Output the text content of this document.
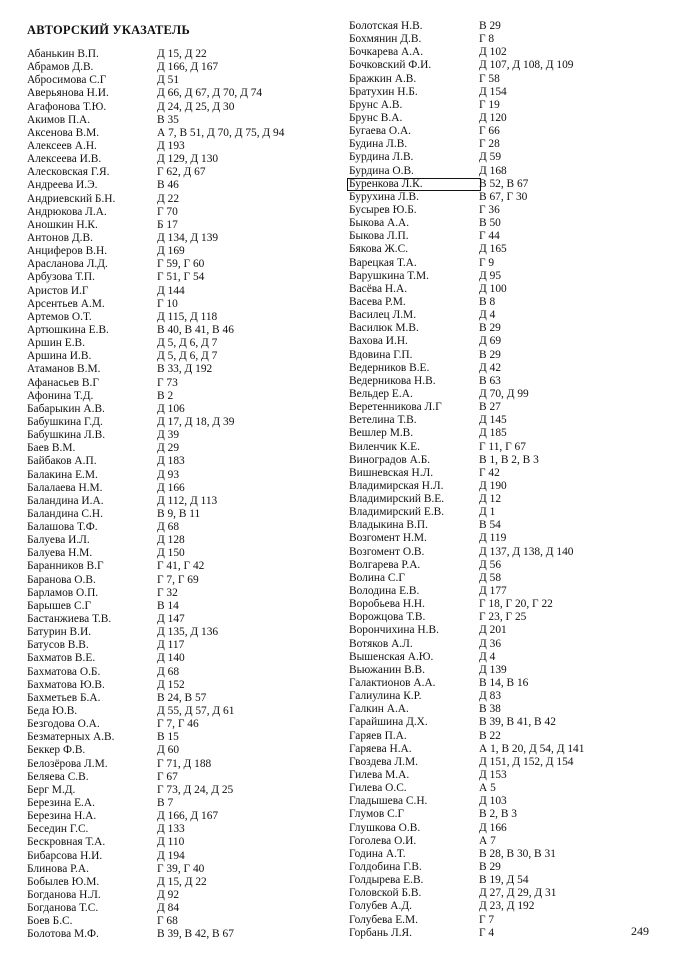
АВТОРСКИЙ УКАЗАТЕЛЬ
Абанькин В.П.	Д 15, Д 22
Абрамов Д.В.	Д 166, Д 167
Абросимова С.Г	Д 51
Аверьянова Н.И.	Д 66, Д 67, Д 70, Д 74
Агафонова Т.Ю.	Д 24, Д 25, Д 30
Акимов П.А.	В 35
Аксенова В.М.	А 7, В 51, Д 70, Д 75, Д 94
Алексеев А.Н.	Д 193
Алексеева И.В.	Д 129, Д 130
Алесковская Г.Я.	Г 62, Д 67
Андреева И.Э.	В 46
Андриевский Б.Н.	Д 22
Андрюкова Л.А.	Г 70
Аношкин Н.К.	Б 17
Антонов Д.В.	Д 134, Д 139
Анциферов В.Н.	Д 169
Арасланова Л.Д.	Г 59, Г 60
Арбузова Т.П.	Г 51, Г 54
Аристов И.Г	Д 144
Арсентьев А.М.	Г 10
Артемов О.Т.	Д 115, Д 118
Артюшкина Е.В.	В 40, В 41, В 46
Аршин Е.В.	Д 5, Д 6, Д 7
Аршина И.В.	Д 5, Д 6, Д 7
Атаманов В.М.	В 33, Д 192
Афанасьев В.Г	Г 73
Афонина Т.Д.	В 2
Бабарыкин А.В.	Д 106
Бабушкина Г.Д.	Д 17, Д 18, Д 39
Бабушкина Л.В.	Д 39
Баев В.М.	Д 29
Байбаков А.П.	Д 183
Балакина Е.М.	Д 93
Балалаева Н.М.	Д 166
Баландина И.А.	Д 112, Д 113
Баландина С.Н.	В 9, В 11
Балашова Т.Ф.	Д 68
Балуева И.Л.	Д 128
Балуева Н.М.	Д 150
Баранников В.Г	Г 41, Г 42
Баранова О.В.	Г 7, Г 69
Барламов О.П.	Г 32
Барышев С.Г	В 14
Бастанжиева Т.В.	Д 147
Батурин В.И.	Д 135, Д 136
Батусов В.В.	Д 117
Бахматов В.Е.	Д 140
Бахматова О.Б.	Д 68
Бахматова Ю.В.	Д 152
Бахметьев Б.А.	В 24, В 57
Беда Ю.В.	Д 55, Д 57, Д 61
Безгодова О.А.	Г 7, Г 46
Безматерных А.В.	В 15
Беккер Ф.В.	Д 60
Белозёрова Л.М.	Г 71, Д 188
Беляева С.В.	Г 67
Берг М.Д.	Г 73, Д 24, Д 25
Березина Е.А.	В 7
Березина Н.А.	Д 166, Д 167
Беседин Г.С.	Д 133
Бескровная Т.А.	Д 110
Бибарсова Н.И.	Д 194
Блинова Р.А.	Г 39, Г 40
Бобылев Ю.М.	Д 15, Д 22
Богданова Н.Л.	Д 92
Богданова Т.С.	Д 84
Боев Б.С.	Г 68
Болотова М.Ф.	В 39, В 42, В 67
Болотская Н.В.	В 29
Бохмянин Д.В.	Г 8
Бочкарева А.А.	Д 102
Бочковский Ф.И.	Д 107, Д 108, Д 109
Бражкин А.В.	Г 58
Братухин Н.Б.	Д 154
Брунс А.В.	Г 19
Брунс В.А.	Д 120
Бугаева О.А.	Г 66
Будина Л.В.	Г 28
Бурдина Л.В.	Д 59
Бурдина О.В.	Д 168
Буренкова Л.К.	В 52, В 67
Бурухина Л.В.	В 67, Г 30
Бусырев Ю.Б.	Г 36
Быкова А.А.	В 50
Быкова Л.П.	Г 44
Бякова Ж.С.	Д 165
Варецкая Т.А.	Г 9
Варушкина Т.М.	Д 95
Васёва Н.А.	Д 100
Васева Р.М.	В 8
Василец Л.М.	Д 4
Василюк М.В.	В 29
Вахова И.Н.	Д 69
Вдовина Г.П.	В 29
Ведерников В.Е.	Д 42
Ведерникова Н.В.	В 63
Вельдер Е.А.	Д 70, Д 99
Веретенникова Л.Г	В 27
Ветелина Т.В.	Д 145
Вешлер М.В.	Д 185
Виленчик К.Е.	Г 11, Г 67
Виноградов А.Б.	В 1, В 2, В 3
Вишневская Н.Л.	Г 42
Владимирская Н.Л.	Д 190
Владимирский В.Е.	Д 12
Владимирский Е.В.	Д 1
Владыкина В.П.	В 54
Возгомент Н.М.	Д 119
Возгомент О.В.	Д 137, Д 138, Д 140
Волгарева Р.А.	Д 56
Волина С.Г	Д 58
Володина Е.В.	Д 177
Воробьева Н.Н.	Г 18, Г 20, Г 22
Ворожцова Т.В.	Г 23, Г 25
Ворончихина Н.В.	Д 201
Вотяков А.Л.	Д 36
Вышенская А.Ю.	Д 4
Вьюжанин В.В.	Д 139
Галактионов А.А.	В 14, В 16
Галиулина К.Р.	Д 83
Галкин А.А.	В 38
Гарайшина Д.Х.	В 39, В 41, В 42
Гаряев П.А.	В 22
Гаряева Н.А.	А 1, В 20, Д 54, Д 141
Гвоздева Л.М.	Д 151, Д 152, Д 154
Гилева М.А.	Д 153
Гилева О.С.	А 5
Гладышева С.Н.	Д 103
Глумов С.Г	В 2, В 3
Глушкова О.В.	Д 166
Гоголева О.И.	А 7
Година А.Т.	В 28, В 30, В 31
Голдобина Г.В.	В 29
Голдырева Е.В.	В 19, Д 54
Головской Б.В.	Д 27, Д 29, Д 31
Голубев А.Д.	Д 23, Д 192
Голубева Е.М.	Г 7
Горбань Л.Я.	Г 4	249
